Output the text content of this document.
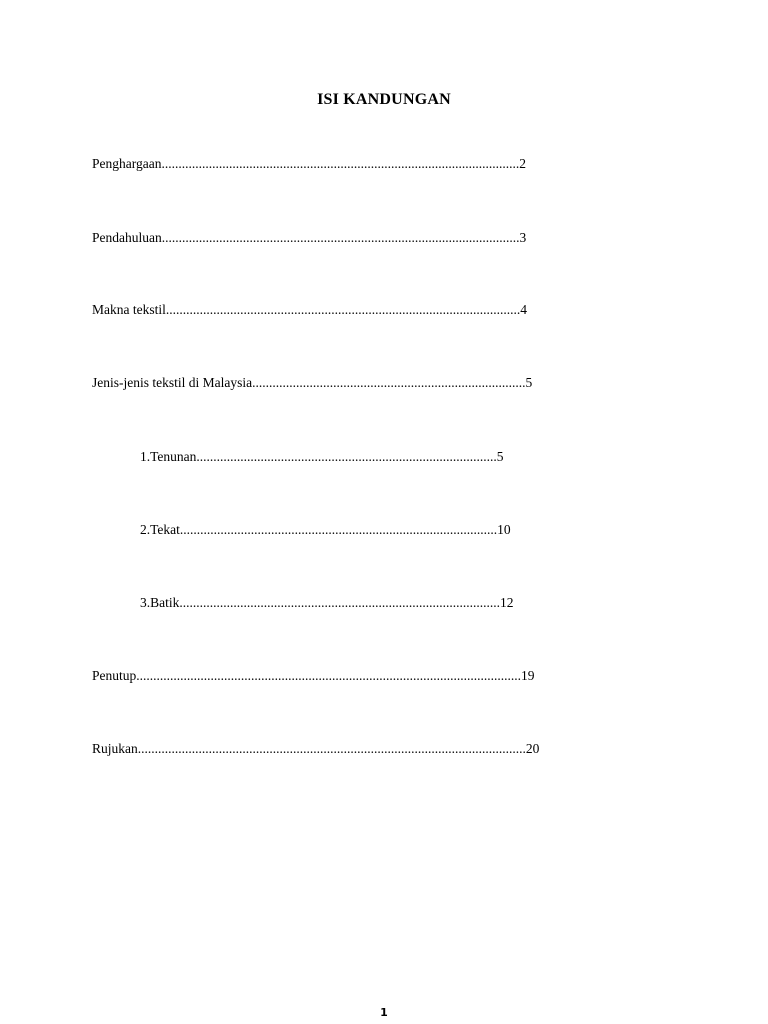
ISI KANDUNGAN
Penghargaan..........................................................................................................2
Pendahuluan..........................................................................................................3
Makna tekstil.........................................................................................................4
Jenis-jenis tekstil di Malaysia.................................................................................5
1.Tenunan.........................................................................................5
2.Tekat..............................................................................................10
3.Batik...............................................................................................12
Penutup..................................................................................................................19
Rujukan...................................................................................................................20
1
